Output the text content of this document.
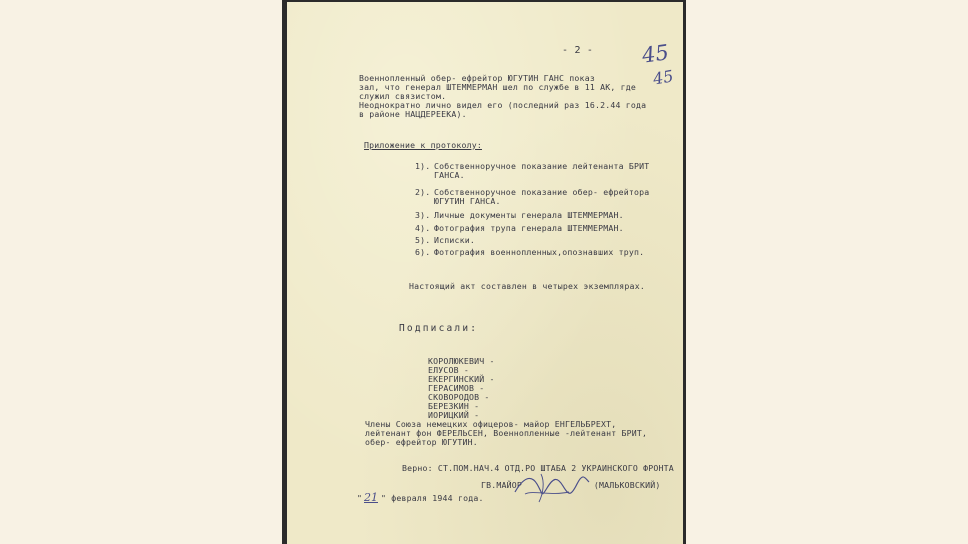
- 2 - 45
45
Военнопленный обер- ефрейтор ЮГУТИН ГАНС показ
зал, что генерал ШТЕММЕРМАН шел по службе в 11 АК, где
служил связистом.
Неоднократно лично видел его (последний раз 16.2.44 года
в районе НАЦДЕРЕЕКА).
Приложение к протоколу:
1). Собственноручное показание лейтенанта БРИТ
ГАНСА.
2). Собственноручное показание обер- ефрейтора
ЮГУТИН ГАНСА.
3). Личные документы генерала ШТЕММЕРМАН.
4). Фотография трупа генерала ШТЕММЕРМАН.
5). Исписки.
6). Фотография военнопленных,опознавших труп.
Настоящий акт составлен в четырех экземплярах.
Подписали:
КОРОЛЮКЕВИЧ -
ЕЛУСОВ -
ЕКЕРГИНСКИЙ -
ГЕРАСИМОВ -
СКОВОРОДОВ -
БЕРЕЗКИН -
ИОРИЦКИЙ -
Члены Союза немецких офицеров- майор ЕНГЕЛЬБРЕХТ,
лейтенант фон ФЕРЕЛЬСЕН, Военнопленные -лейтенант БРИТ,
обер- ефрейтор ЮГУТИН.
Верно: СТ.ПОМ.НАЧ.4 ОТД.РО ШТАБА 2 УКРАИНСКОГО ФРОНТА
ГВ.МАЙОР              (МАЛЬКОВСКИЙ)
" 21 " февраля 1944 года.
